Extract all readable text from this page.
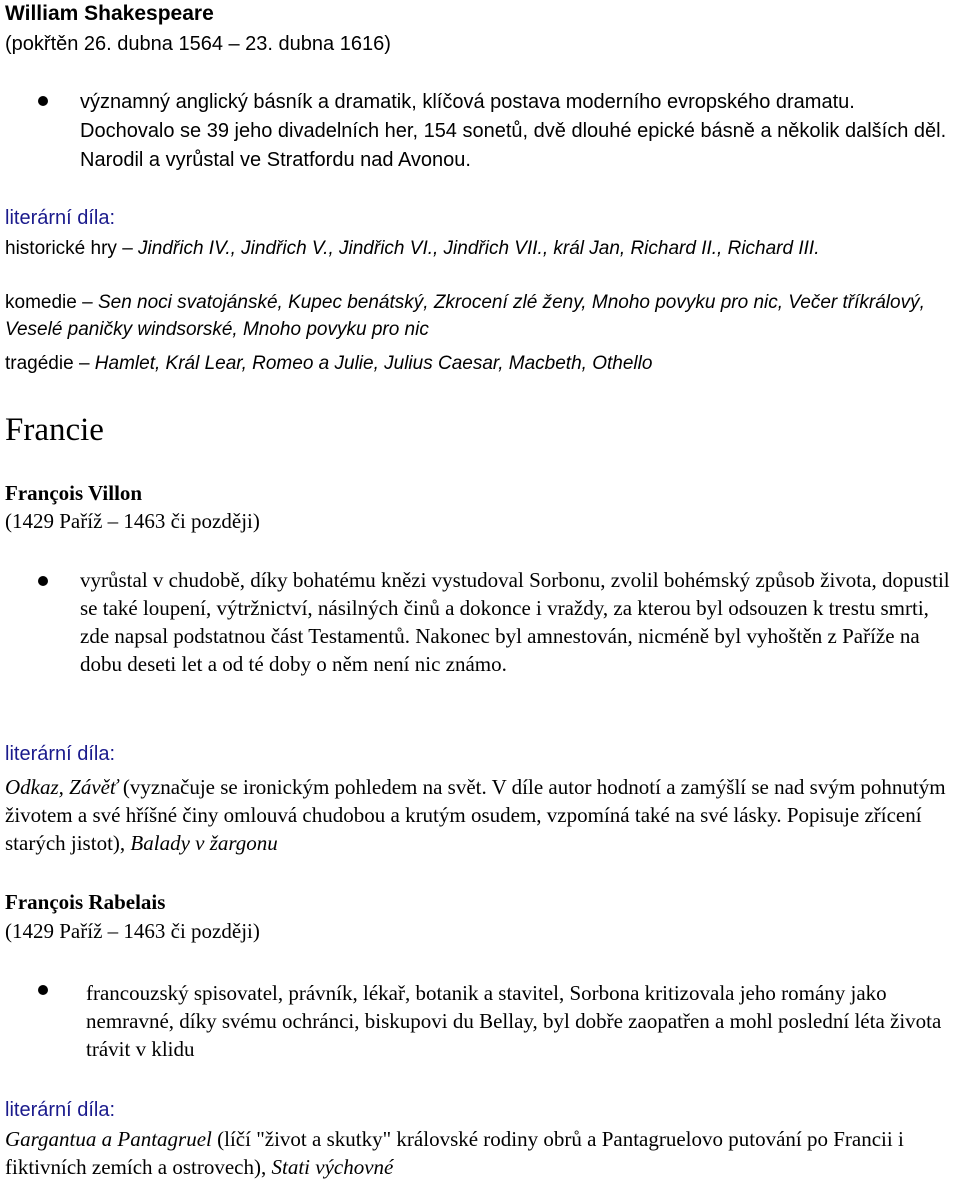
William Shakespeare
(pokřtěn 26. dubna 1564 – 23. dubna 1616)

významný anglický básník a dramatik, klíčová postava moderního evropského dramatu. Dochovalo se 39 jeho divadelních her, 154 sonetů, dvě dlouhé epické básně a několik dalších děl. Narodil a vyrůstal ve Stratfordu nad Avonou.

literární díla:

historické hry – Jindřich IV., Jindřich V., Jindřich VI., Jindřich VII., král Jan, Richard II., Richard III.

komedie – Sen noci svatojánské, Kupec benátský, Zkrocení zlé ženy, Mnoho povyku pro nic, Večer tříkrálový, Veselé paničky windsorské, Mnoho povyku pro nic

tragédie – Hamlet, Král Lear, Romeo a Julie, Julius Caesar, Macbeth, Othello

Francie
François Villon
(1429 Paříž – 1463 či později)

vyrůstal v chudobě, díky bohatému knězi vystudoval Sorbonu, zvolil bohémský způsob života, dopustil se také loupení, výtržnictví, násilných činů a dokonce i vraždy, za kterou byl odsouzen k trestu smrti, zde napsal podstatnou část Testamentů. Nakonec byl amnestován, nicméně byl vyhoštěn z Paříže na dobu deseti let a od té doby o něm není nic známo.

literární díla:

Odkaz, Závěť (vyznačuje se ironickým pohledem na svět. V díle autor hodnotí a zamýšlí se nad svým pohnutým životem a své hříšné činy omlouvá chudobou a krutým osudem, vzpomíná také na své lásky. Popisuje zřícení starých jistot), Balady v žargonu

François Rabelais
(1429 Paříž – 1463 či později)

francouzský spisovatel, právník, lékař, botanik a stavitel, Sorbona kritizovala jeho romány jako nemravné, díky svému ochránci, biskupovi du Bellay, byl dobře zaopatřen a mohl poslední léta života trávit v klidu

literární díla:

Gargantua a Pantagruel (líčí "život a skutky" královské rodiny obrů a Pantagruelovo putování po Francii i fiktivních zemích a ostrovech), Stati výchovné
